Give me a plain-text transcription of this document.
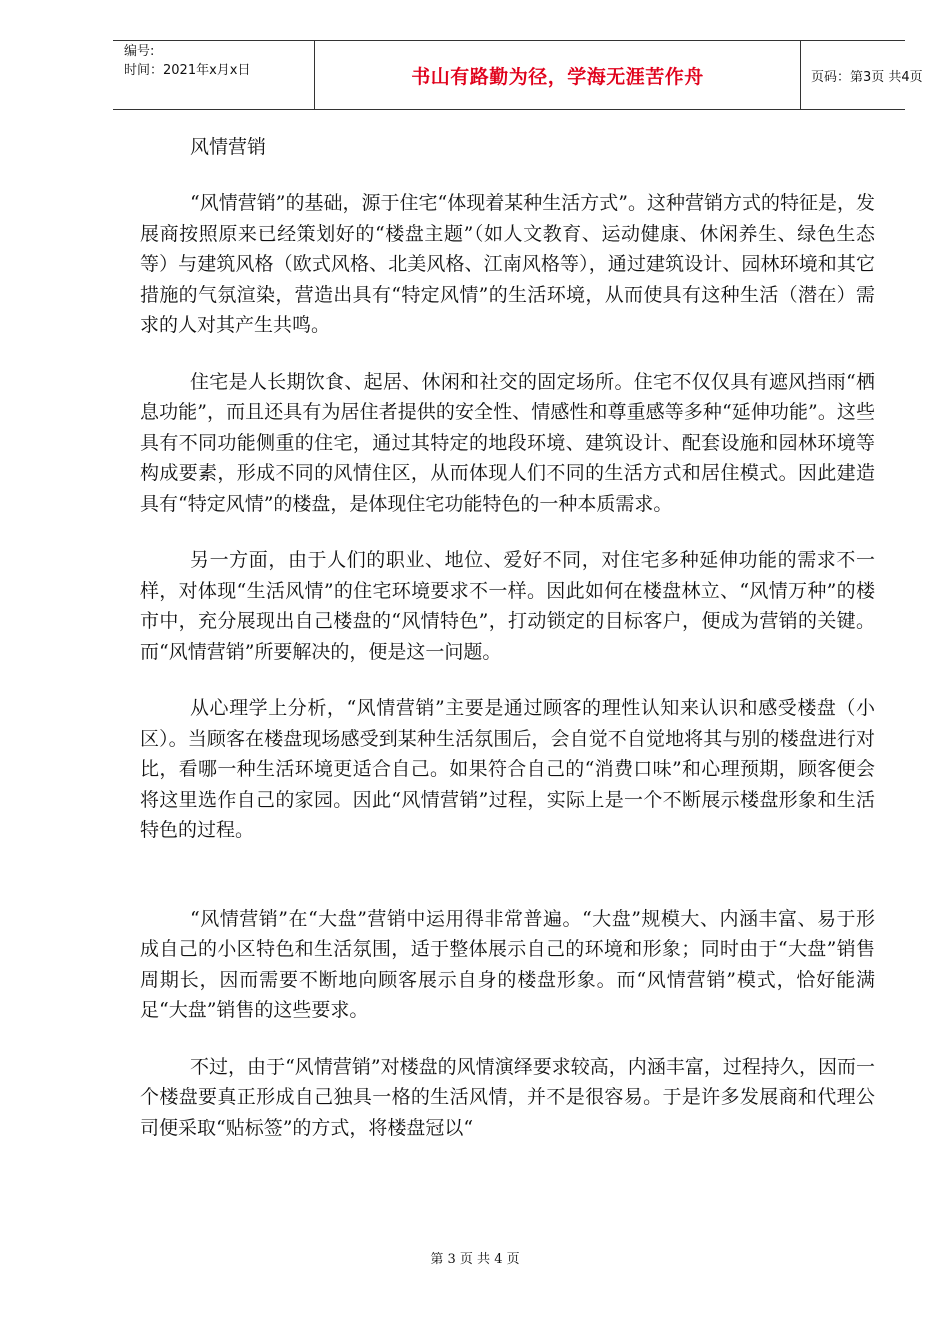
编号:
时间：2021年x月x日	书山有路勤为径，学海无涯苦作舟	页码：第3页 共4页
风情营销

“风情营销”的基础，源于住宅“体现着某种生活方式”。这种营销方式的特征是，发展商按照原来已经策划好的“楼盘主题”（如人文教育、运动健康、休闲养生、绿色生态等）与建筑风格（欧式风格、北美风格、江南风格等），通过建筑设计、园林环境和其它措施的气氛渲染，营造出具有“特定风情”的生活环境，从而使具有这种生活（潜在）需求的人对其产生共鸣。

住宅是人长期饮食、起居、休闲和社交的固定场所。住宅不仅仅具有遮风挡雨“栖息功能”，而且还具有为居住者提供的安全性、情感性和尊重感等多种“延伸功能”。这些具有不同功能侧重的住宅，通过其特定的地段环境、建筑设计、配套设施和园林环境等构成要素，形成不同的风情住区，从而体现人们不同的生活方式和居住模式。因此建造具有“特定风情”的楼盘，是体现住宅功能特色的一种本质需求。

另一方面，由于人们的职业、地位、爱好不同，对住宅多种延伸功能的需求不一样，对体现“生活风情”的住宅环境要求不一样。因此如何在楼盘林立、“风情万种”的楼市中，充分展现出自己楼盘的“风情特色”，打动锁定的目标客户，便成为营销的关键。而“风情营销”所要解决的，便是这一问题。

从心理学上分析，“风情营销”主要是通过顾客的理性认知来认识和感受楼盘（小区）。当顾客在楼盘现场感受到某种生活氛围后，会自觉不自觉地将其与别的楼盘进行对比，看哪一种生活环境更适合自己。如果符合自己的“消费口味”和心理预期，顾客便会将这里选作自己的家园。因此“风情营销”过程，实际上是一个不断展示楼盘形象和生活特色的过程。

“风情营销”在“大盘”营销中运用得非常普遍。“大盘”规模大、内涵丰富、易于形成自己的小区特色和生活氛围，适于整体展示自己的环境和形象；同时由于“大盘”销售周期长，因而需要不断地向顾客展示自身的楼盘形象。而“风情营销”模式，恰好能满足“大盘”销售的这些要求。

不过，由于“风情营销”对楼盘的风情演绎要求较高，内涵丰富，过程持久，因而一个楼盘要真正形成自己独具一格的生活风情，并不是很容易。于是许多发展商和代理公司便采取“贴标签”的方式，将楼盘冠以“

第 3 页 共 4 页
